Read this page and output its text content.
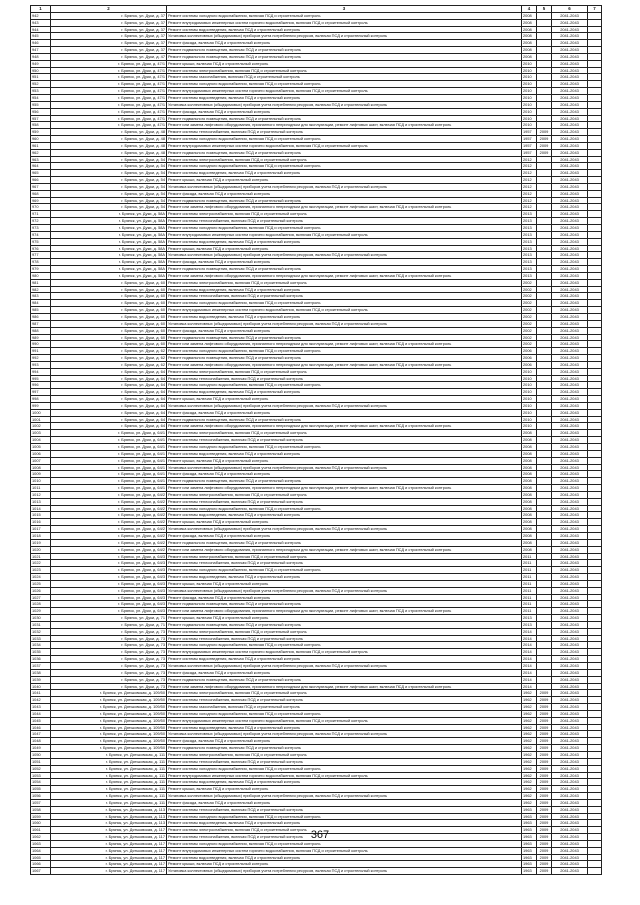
1	2	3	4	5	6	7
942	г. Брянск, ул. Дуки, д. 37	Ремонт системы холодного водоснабжения, включая ПСД и строительный контроль	2008		2041-2043	
943	г. Брянск, ул. Дуки, д. 37	Ремонт внутридомовых инженерных систем горячего водоснабжения, включая ПСД и строительный контроль	2008		2041-2043	
944	г. Брянск, ул. Дуки, д. 37	Ремонт системы водоотведения, включая ПСД и строительный контроль	2008		2041-2043	
945	г. Брянск, ул. Дуки, д. 37	Установка коллективных (общедомовых) приборов учета потребления ресурсов, включая ПСД и строительный контроль	2008		2041-2043	
946	г. Брянск, ул. Дуки, д. 37	Ремонт фасада, включая ПСД и строительный контроль	2008		2041-2043	
947	г. Брянск, ул. Дуки, д. 37	Ремонт подвального помещения, включая ПСД и строительный контроль	2008		2041-2043	
948	г. Брянск, ул. Дуки, д. 47	Ремонт подвального помещения, включая ПСД и строительный контроль	2008		2041-2043	
949	г. Брянск, ул. Дуки, д. 47/1	Ремонт крыши, включая ПСД и строительный контроль	2010		2041-2043	
950	г. Брянск, ул. Дуки, д. 47/1	Ремонт системы электроснабжения, включая ПСД и строительный контроль	2010		2041-2043	
951	г. Брянск, ул. Дуки, д. 47/1	Ремонт системы газоснабжения, включая ПСД и строительный контроль	2010		2041-2043	
952	г. Брянск, ул. Дуки, д. 47/1	Ремонт системы холодного водоснабжения, включая ПСД и строительный контроль	2010		2041-2043	
953	г. Брянск, ул. Дуки, д. 47/1	Ремонт внутридомовых инженерных систем горячего водоснабжения, включая ПСД и строительный контроль	2010		2041-2043	
954	г. Брянск, ул. Дуки, д. 47/1	Ремонт системы водоотведения, включая ПСД и строительный контроль	2010		2041-2043	
955	г. Брянск, ул. Дуки, д. 47/1	Установка коллективных (общедомовых) приборов учета потребления ресурсов, включая ПСД и строительный контроль	2010		2041-2043	
956	г. Брянск, ул. Дуки, д. 47/1	Ремонт фасада, включая ПСД и строительный контроль	2010		2041-2043	
957	г. Брянск, ул. Дуки, д. 47/1	Ремонт подвального помещения, включая ПСД и строительный контроль	2010		2041-2043	
958	г. Брянск, ул. Дуки, д. 47/1	Ремонт или замена лифтового оборудования, признанного непригодным для эксплуатации, ремонт лифтовых шахт, включая ПСД и строительный контроль	2010		2041-2043	
959	г. Брянск, ул. Дуки, д. 48	Ремонт системы теплоснабжения, включая ПСД и строительный контроль	1957	2009	2041-2043	
960	г. Брянск, ул. Дуки, д. 48	Ремонт системы холодного водоснабжения, включая ПСД и строительный контроль	1957	2009	2041-2043	
961	г. Брянск, ул. Дуки, д. 48	Ремонт внутридомовых инженерных систем горячего водоснабжения, включая ПСД и строительный контроль	1957	2009	2041-2043	
962	г. Брянск, ул. Дуки, д. 48	Ремонт подвального помещения, включая ПСД и строительный контроль	1957	2009	2041-2043	
963	г. Брянск, ул. Дуки, д. 54	Ремонт системы электроснабжения, включая ПСД и строительный контроль	2012		2041-2043	
964	г. Брянск, ул. Дуки, д. 54	Ремонт системы холодного водоснабжения, включая ПСД и строительный контроль	2012		2041-2043	
965	г. Брянск, ул. Дуки, д. 54	Ремонт системы водоотведения, включая ПСД и строительный контроль	2012		2041-2043	
966	г. Брянск, ул. Дуки, д. 54	Ремонт крыши, включая ПСД и строительный контроль	2012		2041-2043	
967	г. Брянск, ул. Дуки, д. 54	Установка коллективных (общедомовых) приборов учета потребления ресурсов, включая ПСД и строительный контроль	2012		2041-2043	
968	г. Брянск, ул. Дуки, д. 54	Ремонт фасада, включая ПСД и строительный контроль	2012		2041-2043	
969	г. Брянск, ул. Дуки, д. 54	Ремонт подвального помещения, включая ПСД и строительный контроль	2012		2041-2043	
970	г. Брянск, ул. Дуки, д. 54	Ремонт или замена лифтового оборудования, признанного непригодным для эксплуатации, ремонт лифтовых шахт, включая ПСД и строительный контроль	2012		2041-2043	
971	г. Брянск, ул. Дуки, д. 58А	Ремонт системы электроснабжения, включая ПСД и строительный контроль	2013		2041-2043	
972	г. Брянск, ул. Дуки, д. 58А	Ремонт системы теплоснабжения, включая ПСД и строительный контроль	2013		2041-2043	
973	г. Брянск, ул. Дуки, д. 58А	Ремонт системы холодного водоснабжения, включая ПСД и строительный контроль	2013		2041-2043	
974	г. Брянск, ул. Дуки, д. 58А	Ремонт внутридомовых инженерных систем горячего водоснабжения, включая ПСД и строительный контроль	2013		2041-2043	
975	г. Брянск, ул. Дуки, д. 58А	Ремонт системы водоотведения, включая ПСД и строительный контроль	2013		2041-2043	
976	г. Брянск, ул. Дуки, д. 58А	Ремонт крыши, включая ПСД и строительный контроль	2013		2041-2043	
977	г. Брянск, ул. Дуки, д. 58А	Установка коллективных (общедомовых) приборов учета потребления ресурсов, включая ПСД и строительный контроль	2013		2041-2043	
978	г. Брянск, ул. Дуки, д. 58А	Ремонт фасада, включая ПСД и строительный контроль	2013		2041-2043	
979	г. Брянск, ул. Дуки, д. 58А	Ремонт подвального помещения, включая ПСД и строительный контроль	2013		2041-2043	
980	г. Брянск, ул. Дуки, д. 58А	Ремонт или замена лифтового оборудования, признанного непригодным для эксплуатации, ремонт лифтовых шахт, включая ПСД и строительный контроль	2013		2041-2043	
981	г. Брянск, ул. Дуки, д. 60	Ремонт системы электроснабжения, включая ПСД и строительный контроль	2002		2041-2043	
982	г. Брянск, ул. Дуки, д. 60	Ремонт системы водоотведения, включая ПСД и строительный контроль	2002		2041-2043	
983	г. Брянск, ул. Дуки, д. 60	Ремонт системы теплоснабжения, включая ПСД и строительный контроль	2002		2041-2043	
984	г. Брянск, ул. Дуки, д. 60	Ремонт системы холодного водоснабжения, включая ПСД и строительный контроль	2002		2041-2043	
985	г. Брянск, ул. Дуки, д. 60	Ремонт внутридомовых инженерных систем горячего водоснабжения, включая ПСД и строительный контроль	2002		2041-2043	
986	г. Брянск, ул. Дуки, д. 60	Ремонт системы водоотведения, включая ПСД и строительный контроль	2002		2041-2043	
987	г. Брянск, ул. Дуки, д. 60	Установка коллективных (общедомовых) приборов учета потребления ресурсов, включая ПСД и строительный контроль	2002		2041-2043	
988	г. Брянск, ул. Дуки, д. 60	Ремонт фасада, включая ПСД и строительный контроль	2002		2041-2043	
989	г. Брянск, ул. Дуки, д. 60	Ремонт подвального помещения, включая ПСД и строительный контроль	2002		2041-2043	
990	г. Брянск, ул. Дуки, д. 60	Ремонт или замена лифтового оборудования, признанного непригодным для эксплуатации, ремонт лифтовых шахт, включая ПСД и строительный контроль	2002		2041-2043	
991	г. Брянск, ул. Дуки, д. 62	Ремонт системы холодного водоснабжения, включая ПСД и строительный контроль	2006		2041-2043	
992	г. Брянск, ул. Дуки, д. 62	Ремонт подвального помещения, включая ПСД и строительный контроль	2006		2041-2043	
993	г. Брянск, ул. Дуки, д. 62	Ремонт или замена лифтового оборудования, признанного непригодным для эксплуатации, ремонт лифтовых шахт, включая ПСД и строительный контроль	2006		2041-2043	
994	г. Брянск, ул. Дуки, д. 64	Ремонт системы электроснабжения, включая ПСД и строительный контроль	2010		2041-2043	
995	г. Брянск, ул. Дуки, д. 64	Ремонт системы теплоснабжения, включая ПСД и строительный контроль	2010		2041-2043	
996	г. Брянск, ул. Дуки, д. 64	Ремонт системы холодного водоснабжения, включая ПСД и строительный контроль	2010		2041-2043	
997	г. Брянск, ул. Дуки, д. 64	Ремонт системы водоотведения, включая ПСД и строительный контроль	2010		2041-2043	
998	г. Брянск, ул. Дуки, д. 64	Ремонт крыши, включая ПСД и строительный контроль	2010		2041-2043	
999	г. Брянск, ул. Дуки, д. 64	Установка коллективных (общедомовых) приборов учета потребления ресурсов, включая ПСД и строительный контроль	2010		2041-2043	
1000	г. Брянск, ул. Дуки, д. 64	Ремонт фасада, включая ПСД и строительный контроль	2010		2041-2043	
1001	г. Брянск, ул. Дуки, д. 64	Ремонт подвального помещения, включая ПСД и строительный контроль	2010		2041-2043	
1002	г. Брянск, ул. Дуки, д. 64	Ремонт или замена лифтового оборудования, признанного непригодным для эксплуатации, ремонт лифтовых шахт, включая ПСД и строительный контроль	2010		2041-2043	
1003	г. Брянск, ул. Дуки, д. 64/1	Ремонт системы электроснабжения, включая ПСД и строительный контроль	2008		2041-2043	
1004	г. Брянск, ул. Дуки, д. 64/1	Ремонт системы теплоснабжения, включая ПСД и строительный контроль	2008		2041-2043	
1005	г. Брянск, ул. Дуки, д. 64/1	Ремонт системы холодного водоснабжения, включая ПСД и строительный контроль	2008		2041-2043	
1006	г. Брянск, ул. Дуки, д. 64/1	Ремонт системы водоотведения, включая ПСД и строительный контроль	2008		2041-2043	
1007	г. Брянск, ул. Дуки, д. 64/1	Ремонт крыши, включая ПСД и строительный контроль	2008		2041-2043	
1008	г. Брянск, ул. Дуки, д. 64/1	Установка коллективных (общедомовых) приборов учета потребления ресурсов, включая ПСД и строительный контроль	2008		2041-2043	
1009	г. Брянск, ул. Дуки, д. 64/1	Ремонт фасада, включая ПСД и строительный контроль	2008		2041-2043	
1010	г. Брянск, ул. Дуки, д. 64/1	Ремонт подвального помещения, включая ПСД и строительный контроль	2008		2041-2043	
1011	г. Брянск, ул. Дуки, д. 64/1	Ремонт или замена лифтового оборудования, признанного непригодным для эксплуатации, ремонт лифтовых шахт, включая ПСД и строительный контроль	2008		2041-2043	
1012	г. Брянск, ул. Дуки, д. 64/2	Ремонт системы электроснабжения, включая ПСД и строительный контроль	2008		2041-2043	
1013	г. Брянск, ул. Дуки, д. 64/2	Ремонт системы теплоснабжения, включая ПСД и строительный контроль	2008		2041-2043	
1014	г. Брянск, ул. Дуки, д. 64/2	Ремонт системы холодного водоснабжения, включая ПСД и строительный контроль	2008		2041-2043	
1015	г. Брянск, ул. Дуки, д. 64/2	Ремонт системы водоотведения, включая ПСД и строительный контроль	2008		2041-2043	
1016	г. Брянск, ул. Дуки, д. 64/2	Ремонт крыши, включая ПСД и строительный контроль	2008		2041-2043	
1017	г. Брянск, ул. Дуки, д. 64/2	Установка коллективных (общедомовых) приборов учета потребления ресурсов, включая ПСД и строительный контроль	2008		2041-2043	
1018	г. Брянск, ул. Дуки, д. 64/2	Ремонт фасада, включая ПСД и строительный контроль	2008		2041-2043	
1019	г. Брянск, ул. Дуки, д. 64/2	Ремонт подвального помещения, включая ПСД и строительный контроль	2008		2041-2043	
1020	г. Брянск, ул. Дуки, д. 64/2	Ремонт или замена лифтового оборудования, признанного непригодным для эксплуатации, ремонт лифтовых шахт, включая ПСД и строительный контроль	2008		2041-2043	
1021	г. Брянск, ул. Дуки, д. 64/3	Ремонт системы электроснабжения, включая ПСД и строительный контроль	2011		2041-2043	
1022	г. Брянск, ул. Дуки, д. 64/3	Ремонт системы теплоснабжения, включая ПСД и строительный контроль	2011		2041-2043	
1023	г. Брянск, ул. Дуки, д. 64/3	Ремонт системы холодного водоснабжения, включая ПСД и строительный контроль	2011		2041-2043	
1024	г. Брянск, ул. Дуки, д. 64/3	Ремонт системы водоотведения, включая ПСД и строительный контроль	2011		2041-2043	
1025	г. Брянск, ул. Дуки, д. 64/3	Ремонт крыши, включая ПСД и строительный контроль	2011		2041-2043	
1026	г. Брянск, ул. Дуки, д. 64/3	Установка коллективных (общедомовых) приборов учета потребления ресурсов, включая ПСД и строительный контроль	2011		2041-2043	
1027	г. Брянск, ул. Дуки, д. 64/3	Ремонт фасада, включая ПСД и строительный контроль	2011		2041-2043	
1028	г. Брянск, ул. Дуки, д. 64/3	Ремонт подвального помещения, включая ПСД и строительный контроль	2011		2041-2043	
1029	г. Брянск, ул. Дуки, д. 64/3	Ремонт или замена лифтового оборудования, признанного непригодным для эксплуатации, ремонт лифтовых шахт, включая ПСД и строительный контроль	2011		2041-2043	
1030	г. Брянск, ул. Дуки, д. 71	Ремонт крыши, включая ПСД и строительный контроль	2013		2041-2043	
1031	г. Брянск, ул. Дуки, д. 71	Ремонт подвального помещения, включая ПСД и строительный контроль	2013		2041-2043	
1032	г. Брянск, ул. Дуки, д. 73	Ремонт системы электроснабжения, включая ПСД и строительный контроль	2014		2041-2043	
1033	г. Брянск, ул. Дуки, д. 73	Ремонт системы теплоснабжения, включая ПСД и строительный контроль	2014		2041-2043	
1034	г. Брянск, ул. Дуки, д. 73	Ремонт системы холодного водоснабжения, включая ПСД и строительный контроль	2014		2041-2043	
1035	г. Брянск, ул. Дуки, д. 73	Ремонт внутридомовых инженерных систем горячего водоснабжения, включая ПСД и строительный контроль	2014		2041-2043	
1036	г. Брянск, ул. Дуки, д. 73	Ремонт системы водоотведения, включая ПСД и строительный контроль	2014		2041-2043	
1037	г. Брянск, ул. Дуки, д. 73	Установка коллективных (общедомовых) приборов учета потребления ресурсов, включая ПСД и строительный контроль	2014		2041-2043	
1038	г. Брянск, ул. Дуки, д. 73	Ремонт фасада, включая ПСД и строительный контроль	2014		2041-2043	
1039	г. Брянск, ул. Дуки, д. 73	Ремонт подвального помещения, включая ПСД и строительный контроль	2014		2041-2043	
1040	г. Брянск, ул. Дуки, д. 73	Ремонт или замена лифтового оборудования, признанного непригодным для эксплуатации, ремонт лифтовых шахт, включая ПСД и строительный контроль	2014		2041-2043	
1041	г. Брянск, ул. Дятьковская, д. 109/50	Ремонт системы электроснабжения, включая ПСД и строительный контроль	1962	2009	2041-2043	
1042	г. Брянск, ул. Дятьковская, д. 109/50	Ремонт системы теплоснабжения, включая ПСД и строительный контроль	1962	2009	2041-2043	
1043	г. Брянск, ул. Дятьковская, д. 109/50	Ремонт системы газоснабжения, включая ПСД и строительный контроль	1962	2009	2041-2043	
1044	г. Брянск, ул. Дятьковская, д. 109/50	Ремонт системы холодного водоснабжения, включая ПСД и строительный контроль	1962	2009	2041-2043	
1045	г. Брянск, ул. Дятьковская, д. 109/50	Ремонт внутридомовых инженерных систем горячего водоснабжения, включая ПСД и строительный контроль	1962	2009	2041-2043	
1046	г. Брянск, ул. Дятьковская, д. 109/50	Ремонт системы водоотведения, включая ПСД и строительный контроль	1962	2009	2041-2043	
1047	г. Брянск, ул. Дятьковская, д. 109/50	Установка коллективных (общедомовых) приборов учета потребления ресурсов, включая ПСД и строительный контроль	1962	2009	2041-2043	
1048	г. Брянск, ул. Дятьковская, д. 109/50	Ремонт фасада, включая ПСД и строительный контроль	1962	2009	2041-2043	
1049	г. Брянск, ул. Дятьковская, д. 109/50	Ремонт подвального помещения, включая ПСД и строительный контроль	1962	2009	2041-2043	
1050	г. Брянск, ул. Дятьковская, д. 111	Ремонт системы электроснабжения, включая ПСД и строительный контроль	1962	2009	2041-2043	
1051	г. Брянск, ул. Дятьковская, д. 111	Ремонт системы теплоснабжения, включая ПСД и строительный контроль	1962	2009	2041-2043	
1052	г. Брянск, ул. Дятьковская, д. 111	Ремонт системы холодного водоснабжения, включая ПСД и строительный контроль	1962	2009	2041-2043	
1053	г. Брянск, ул. Дятьковская, д. 111	Ремонт внутридомовых инженерных систем горячего водоснабжения, включая ПСД и строительный контроль	1962	2009	2041-2043	
1054	г. Брянск, ул. Дятьковская, д. 111	Ремонт системы водоотведения, включая ПСД и строительный контроль	1962	2009	2041-2043	
1055	г. Брянск, ул. Дятьковская, д. 111	Ремонт крыши, включая ПСД и строительный контроль	1962	2009	2041-2043	
1056	г. Брянск, ул. Дятьковская, д. 111	Установка коллективных (общедомовых) приборов учета потребления ресурсов, включая ПСД и строительный контроль	1962	2009	2041-2043	
1057	г. Брянск, ул. Дятьковская, д. 111	Ремонт фасада, включая ПСД и строительный контроль	1962	2009	2041-2043	
1058	г. Брянск, ул. Дятьковская, д. 113	Ремонт системы теплоснабжения, включая ПСД и строительный контроль	1963	2009	2041-2043	
1059	г. Брянск, ул. Дятьковская, д. 113	Ремонт системы холодного водоснабжения, включая ПСД и строительный контроль	1963	2009	2041-2043	
1060	г. Брянск, ул. Дятьковская, д. 113	Ремонт системы водоотведения, включая ПСД и строительный контроль	1963	2009	2041-2043	
1061	г. Брянск, ул. Дятьковская, д. 117	Ремонт системы электроснабжения, включая ПСД и строительный контроль	1963	2009	2041-2043	
1062	г. Брянск, ул. Дятьковская, д. 117	Ремонт системы теплоснабжения, включая ПСД и строительный контроль	1963	2009	2041-2043	
1063	г. Брянск, ул. Дятьковская, д. 117	Ремонт системы холодного водоснабжения, включая ПСД и строительный контроль	1963	2009	2041-2043	
1064	г. Брянск, ул. Дятьковская, д. 117	Ремонт внутридомовых инженерных систем горячего водоснабжения, включая ПСД и строительный контроль	1963	2009	2041-2043	
1065	г. Брянск, ул. Дятьковская, д. 117	Ремонт системы водоотведения, включая ПСД и строительный контроль	1963	2009	2041-2043	
1066	г. Брянск, ул. Дятьковская, д. 117	Ремонт крыши, включая ПСД и строительный контроль	1963	2009	2041-2043	
1067	г. Брянск, ул. Дятьковская, д. 117	Установка коллективных (общедомовых) приборов учета потребления ресурсов, включая ПСД и строительный контроль	1963	2009	2041-2043	
367
